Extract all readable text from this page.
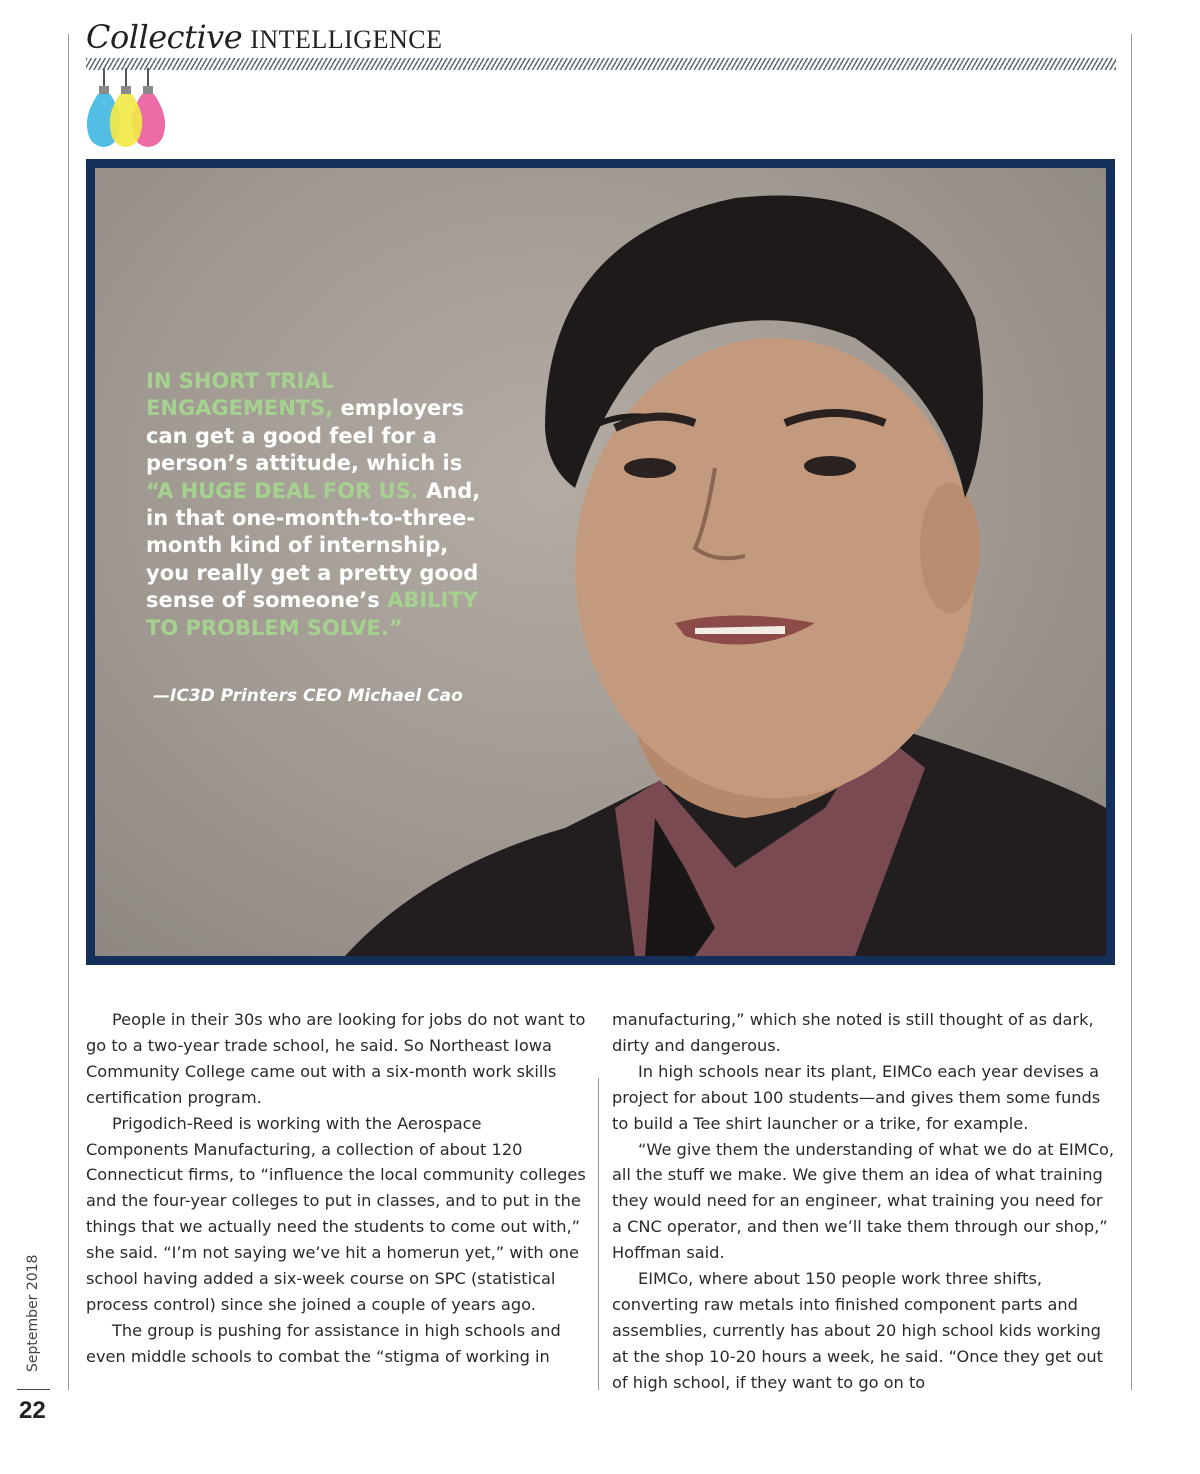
Collective INTELLIGENCE
IN SHORT TRIAL ENGAGEMENTS, employers can get a good feel for a person’s attitude, which is “A HUGE DEAL FOR US. And, in that one-month-to-three-month kind of internship, you really get a pretty good sense of someone’s ABILITY TO PROBLEM SOLVE.”
—IC3D Printers CEO Michael Cao

People in their 30s who are looking for jobs do not want to go to a two-year trade school, he said. So Northeast Iowa Community College came out with a six-month work skills certification program.

Prigodich-Reed is working with the Aerospace Components Manufacturing, a collection of about 120 Connecticut firms, to “influence the local community colleges and the four-year colleges to put in classes, and to put in the things that we actually need the students to come out with,” she said. “I’m not saying we’ve hit a homerun yet,” with one school having added a six-week course on SPC (statistical process control) since she joined a couple of years ago.

The group is pushing for assistance in high schools and even middle schools to combat the “stigma of working in

manufacturing,” which she noted is still thought of as dark, dirty and dangerous.

In high schools near its plant, EIMCo each year devises a project for about 100 students—and gives them some funds to build a Tee shirt launcher or a trike, for example.

“We give them the understanding of what we do at EIMCo, all the stuff we make. We give them an idea of what training they would need for an engineer, what training you need for a CNC operator, and then we’ll take them through our shop,” Hoffman said.

EIMCo, where about 150 people work three shifts, converting raw metals into finished component parts and assemblies, currently has about 20 high school kids working at the shop 10-20 hours a week, he said. “Once they get out of high school, if they want to go on to

September 2018
22
